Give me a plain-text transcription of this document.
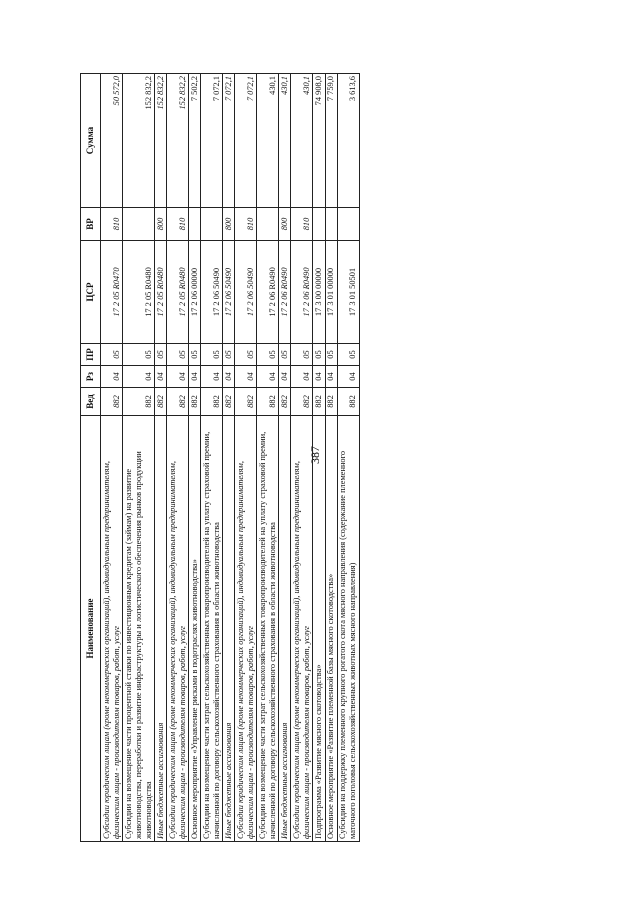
387
Наименование	Вед	Рз	ПР	ЦСР	ВР	Сумма
Субсидии юридическим лицам (кроме некоммерческих организаций), индивидуальным предпринимателям, физическим лицам - производителям товаров, работ, услуг	882	04	05	17 2 05 R0470	810	50 572,0
Субсидии на возмещение части процентной ставки по инвестиционным кредитам (займам) на развитие животноводства, переработки и развитие инфраструктуры и логистического обеспечения рынков продукции животноводства	882	04	05	17 2 05 R0480		152 832,2
Иные бюджетные ассигнования	882	04	05	17 2 05 R0480	800	152 832,2
Субсидии юридическим лицам (кроме некоммерческих организаций), индивидуальным предпринимателям, физическим лицам - производителям товаров, работ, услуг	882	04	05	17 2 05 R0480	810	152 832,2
Основное мероприятие «Управление рисками в подотраслях животноводства»	882	04	05	17 2 06 00000		7 502,2
Субсидии на возмещение части затрат сельскохозяйственных товаропроизводителей на уплату страховой премии, начисленной по договору сельскохозяйственного страхования в области животноводства	882	04	05	17 2 06 50490		7 072,1
Иные бюджетные ассигнования	882	04	05	17 2 06 50490	800	7 072,1
Субсидии юридическим лицам (кроме некоммерческих организаций), индивидуальным предпринимателям, физическим лицам - производителям товаров, работ, услуг	882	04	05	17 2 06 50490	810	7 072,1
Субсидии на возмещение части затрат сельскохозяйственных товаропроизводителей на уплату страховой премии, начисленной по договору сельскохозяйственного страхования в области животноводства	882	04	05	17 2 06 R0490		430,1
Иные бюджетные ассигнования	882	04	05	17 2 06 R0490	800	430,1
Субсидии юридическим лицам (кроме некоммерческих организаций), индивидуальным предпринимателям, физическим лицам - производителям товаров, работ, услуг	882	04	05	17 2 06 R0490	810	430,1
Подпрограмма «Развитие мясного скотоводства»	882	04	05	17 3 00 00000		74 908,0
Основное мероприятие «Развитие племенной базы мясного скотоводства»	882	04	05	17 3 01 00000		7 759,0
Субсидии на поддержку племенного крупного рогатого скота мясного направления (содержание племенного маточного поголовья сельскохозяйственных животных мясного направления)	882	04	05	17 3 01 50501		3 613,6
